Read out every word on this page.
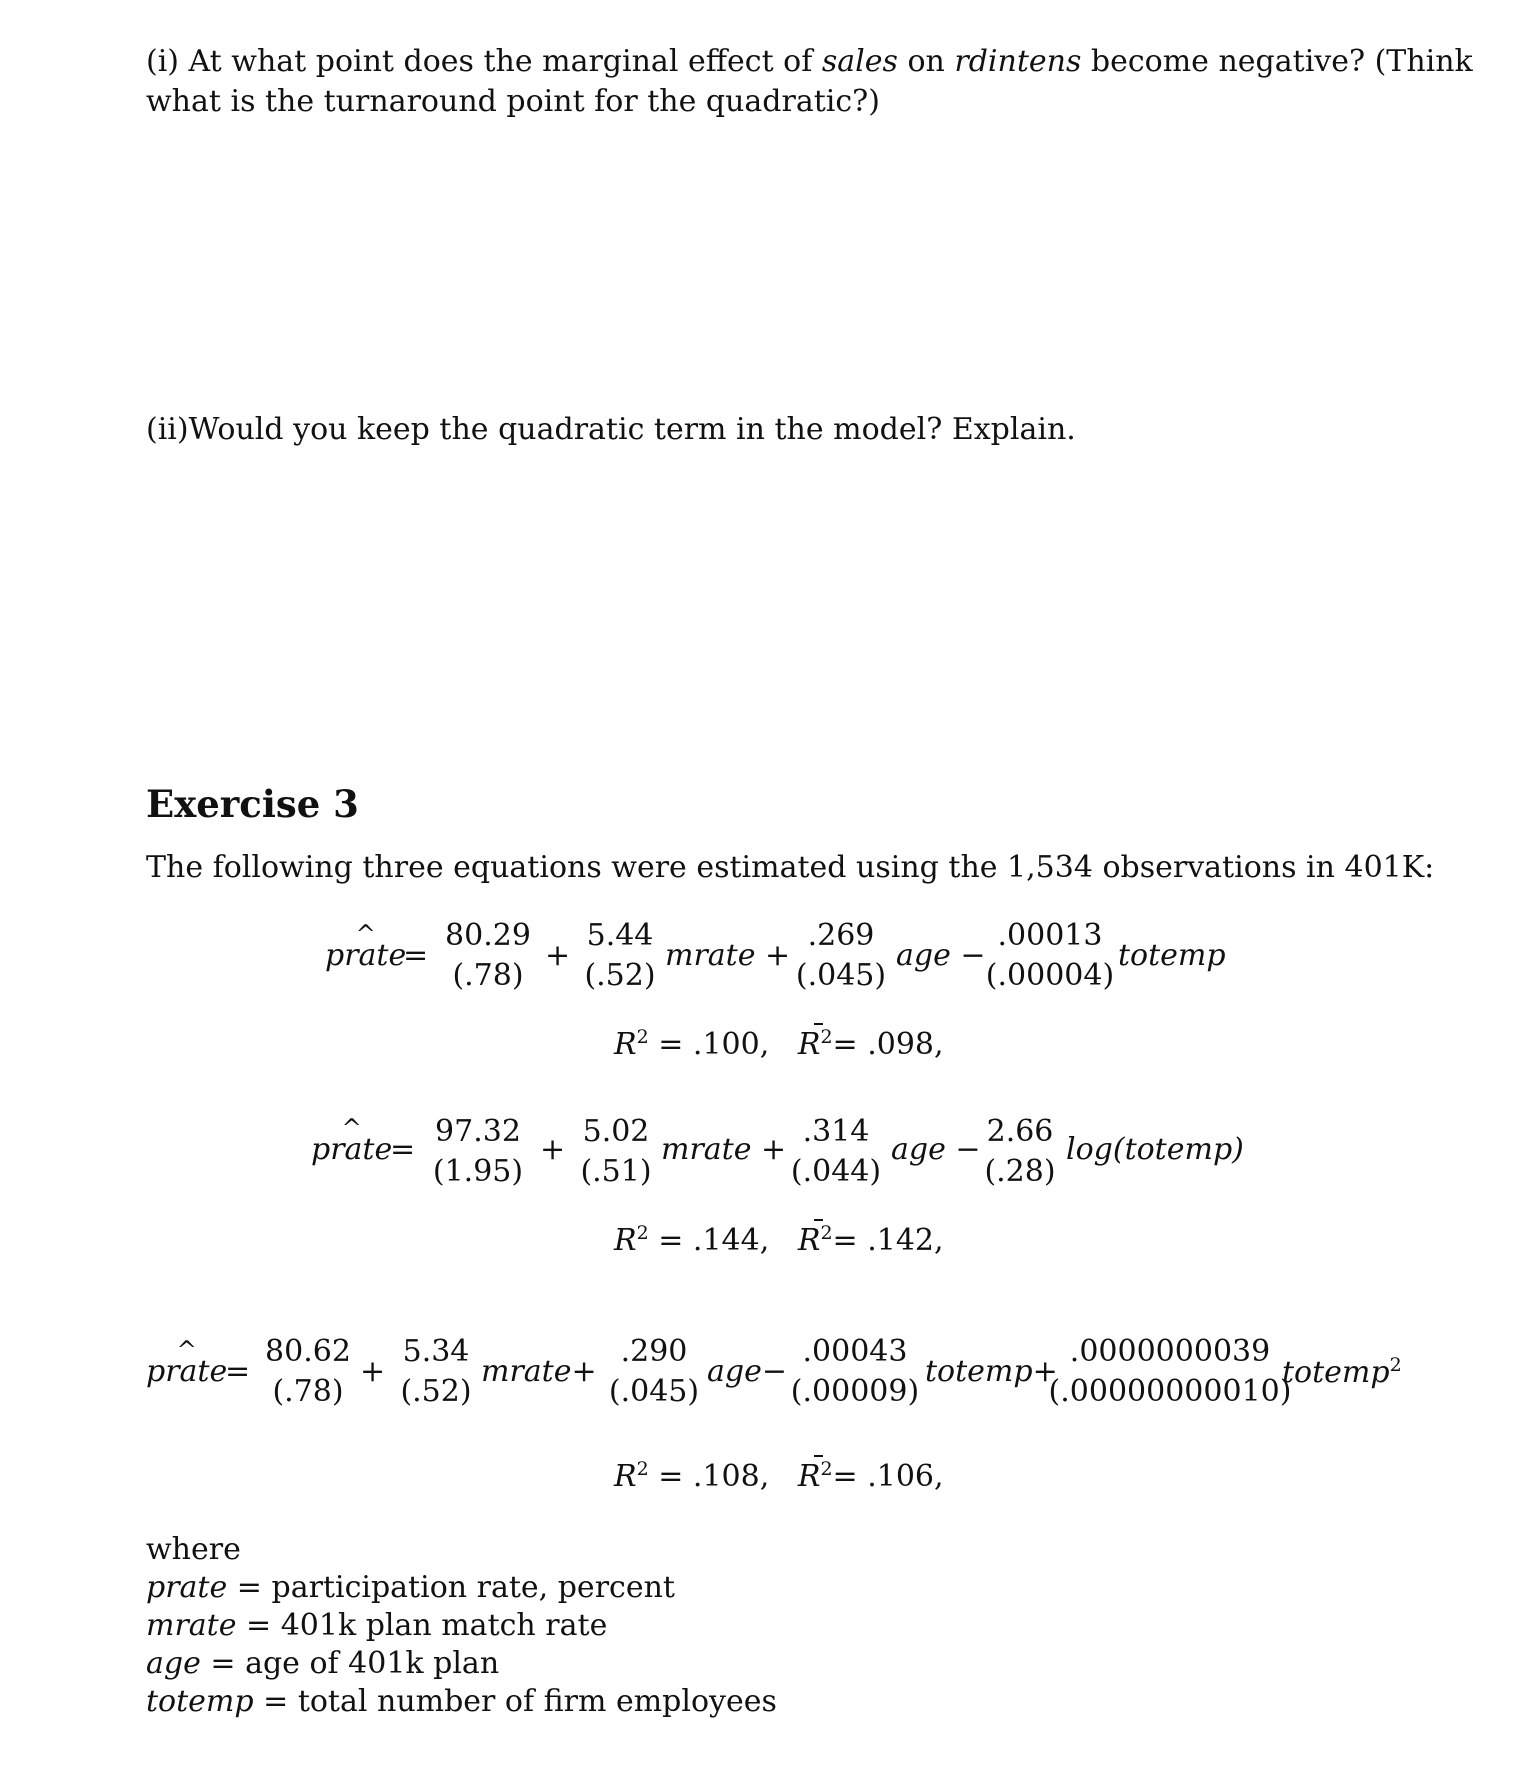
(i) At what point does the marginal effect of sales on rdintens become negative? (Think
what is the turnaround point for the quadratic?)
(ii)Would you keep the quadratic term in the model? Explain.
Exercise 3
The following three equations were estimated using the 1,534 observations in 401K:
^ prate
=
80.29
(.78)
+
5.44
(.52)
mrate +
.269
(.045)
age −
.00013
(.00004)
totemp
$R^2 = .100$, $R^2= .098$,
^ prate
=
97.32
(1.95)
+
5.02
(.51)
mrate +
.314
(.044)
age −
2.66
(.28)
log(totemp)
$R^2 = .144$, $R^2= .142$,
^ prate
=
80.62
(.78)
+
5.34
(.52)
mrate+
.290
(.045)
age−
.00043
(.00009)
totemp+
.0000000039
(.00000000010)
totemp$^2$
$R^2 = .108$, $R^2= .106$,
where
prate = participation rate, percent
mrate = 401k plan match rate
age = age of 401k plan
totemp = total number of firm employees
